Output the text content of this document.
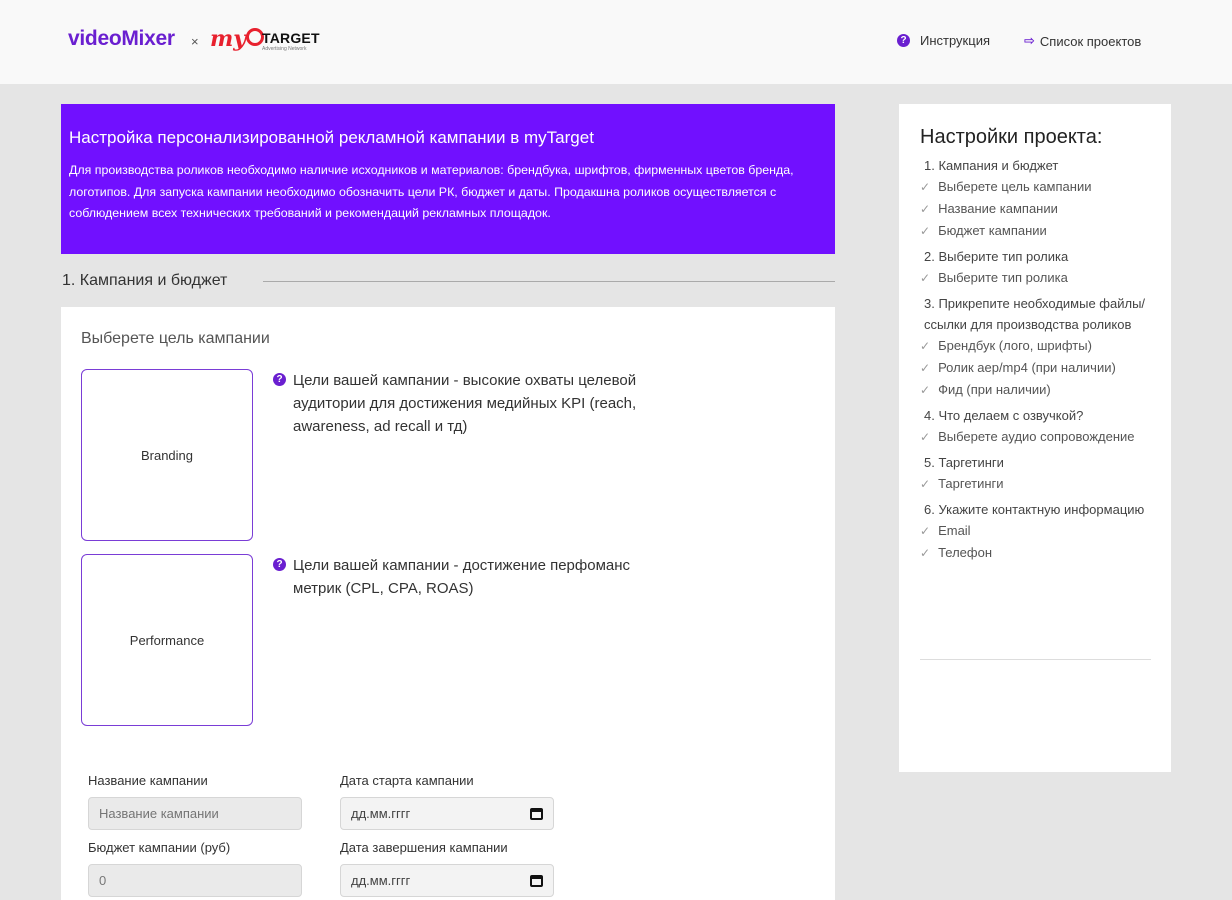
videoMixer × my TARGET
Advertising Network
? Инструкция	⇨ Список проектов
Настройка персонализированной рекламной кампании в myTarget

Для производства роликов необходимо наличие исходников и материалов: брендбука, шрифтов, фирменных цветов бренда, логотипов. Для запуска кампании необходимо обозначить цели РК, бюджет и даты. Продакшна роликов осуществляется с соблюдением всех технических требований и рекомендаций рекламных площадок.

1. Кампания и бюджет
Выберете цель кампании
Branding
? Цели вашей кампании - высокие охваты целевой аудитории для достижения медийных KPI (reach, awareness, ad recall и тд)
Performance
? Цели вашей кампании - достижение перфоманс метрик (CPL, CPA, ROAS)
Название кампании
Название кампании	Дата старта кампании
дд.мм.гггг
Бюджет кампании (руб)
0
Дата завершения кампании
дд.мм.гггг
Настройки проекта:
1. Кампания и бюджет
✓ Выберете цель кампании
✓ Название кампании
✓ Бюджет кампании
2. Выберите тип ролика
✓ Выберите тип ролика
3. Прикрепите необходимые файлы/ссылки для производства роликов
✓ Брендбук (лого, шрифты)
✓ Ролик aep/mp4 (при наличии)
✓ Фид (при наличии)
4. Что делаем с озвучкой?
✓ Выберете аудио сопровождение
5. Таргетинги
✓ Таргетинги
6. Укажите контактную информацию
✓ Email
✓ Телефон
